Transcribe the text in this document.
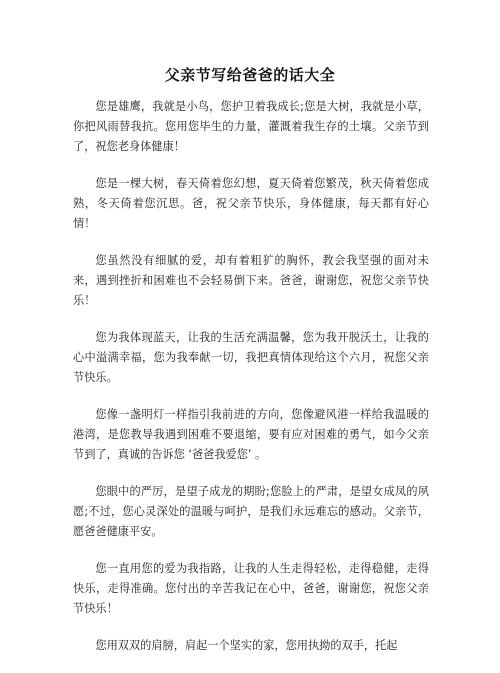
父亲节写给爸爸的话大全

您是雄鹰，我就是小鸟，您护卫着我成长;您是大树，我就是小草，你把风雨替我抗。您用您毕生的力量，灌溉着我生存的土壤。父亲节到了，祝您老身体健康！

您是一棵大树，春天倚着您幻想，夏天倚着您繁茂，秋天倚着您成熟，冬天倚着您沉思。爸，祝父亲节快乐，身体健康，每天都有好心情！

您虽然没有细腻的爱，却有着粗犷的胸怀，教会我坚强的面对未来，遇到挫折和困难也不会轻易倒下来。爸爸，谢谢您，祝您父亲节快乐！

您为我体现蓝天，让我的生活充满温馨，您为我开脱沃土，让我的心中溢满幸福，您为我奉献一切，我把真情体现给这个六月，祝您父亲节快乐。

您像一盏明灯一样指引我前进的方向，您像避风港一样给我温暖的港湾，是您教导我遇到困难不要退缩，要有应对困难的勇气，如今父亲节到了，真诚的告诉您 ‘爸爸我爱您’ 。

您眼中的严厉，是望子成龙的期盼;您脸上的严肃，是望女成凤的夙愿;不过，您心灵深处的温暖与呵护，是我们永远难忘的感动。父亲节，愿爸爸健康平安。

您一直用您的爱为我指路，让我的人生走得轻松，走得稳健，走得快乐，走得准确。您付出的辛苦我记在心中，爸爸，谢谢您，祝您父亲节快乐！

您用双双的肩膀，肩起一个坚实的家，您用执拗的双手，托起
